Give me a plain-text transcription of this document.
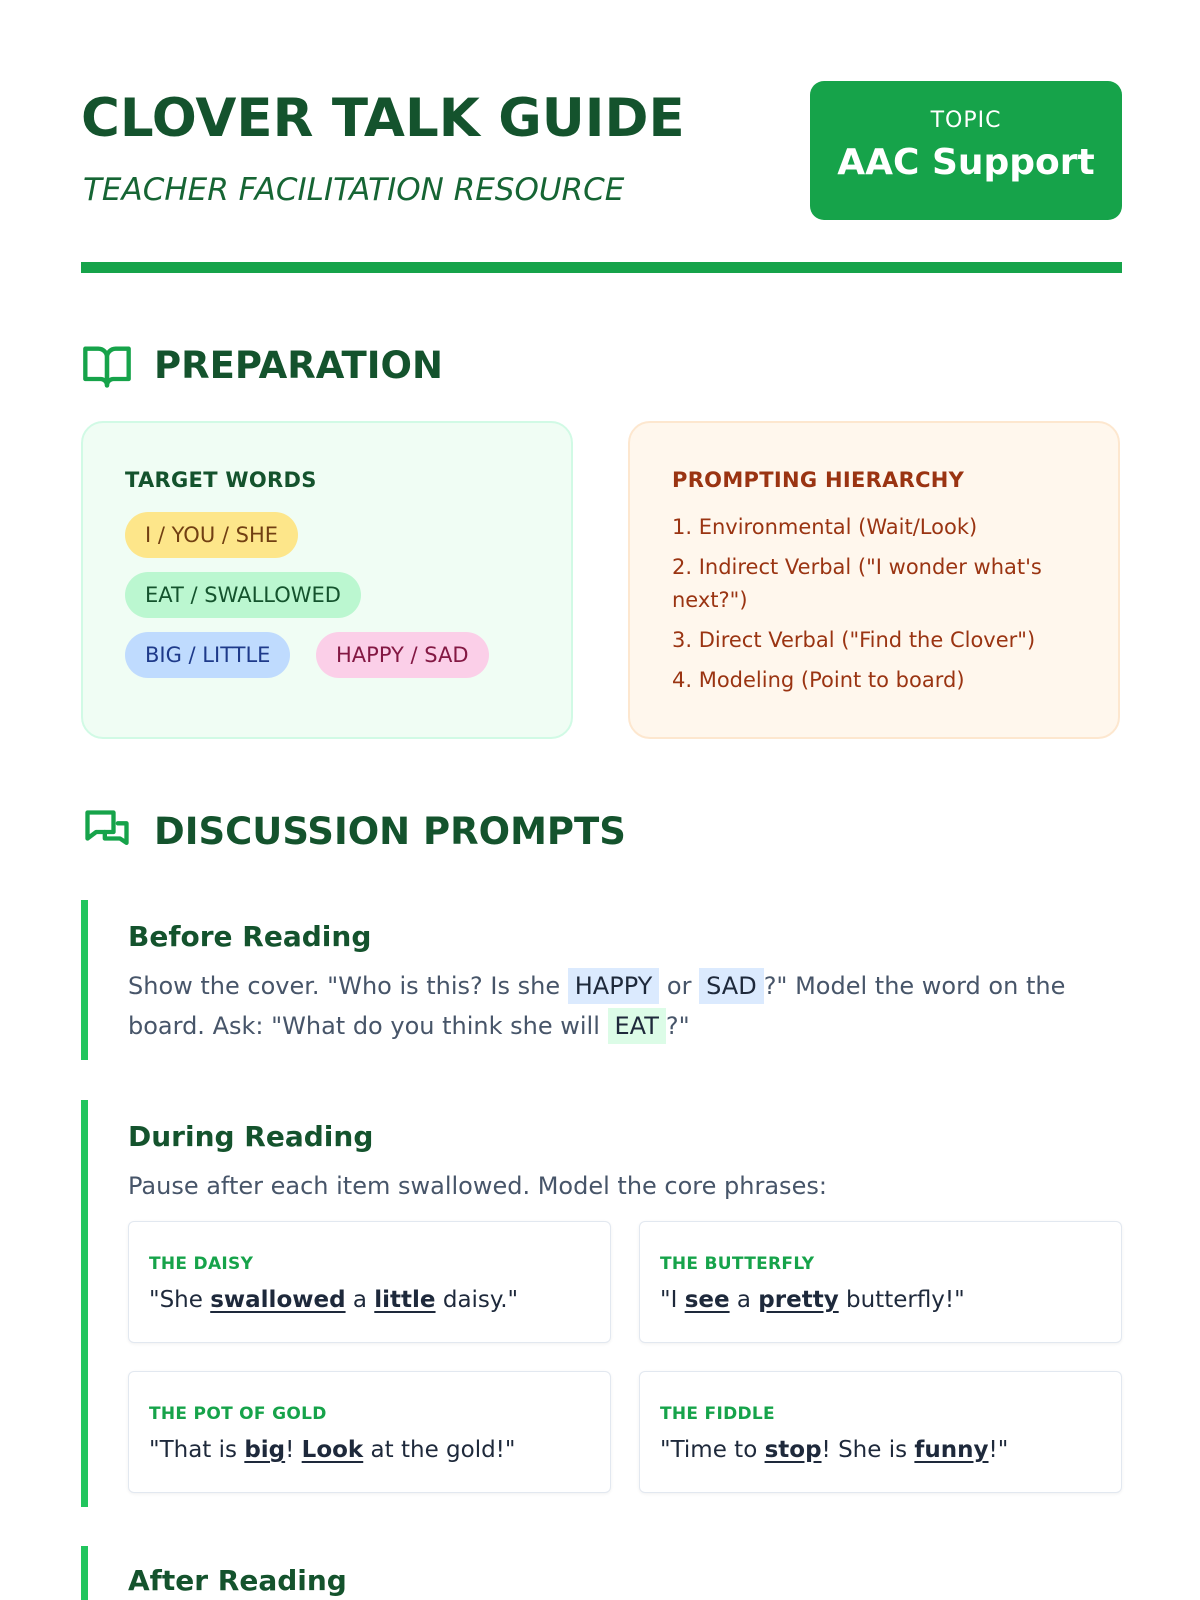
CLOVER TALK GUIDE
TEACHER FACILITATION RESOURCE
TOPIC
AAC Support
PREPARATION
TARGET WORDS
I / YOU / SHE
EAT / SWALLOWED
BIG / LITTLE	HAPPY / SAD
PROMPTING HIERARCHY
1. Environmental (Wait/Look)
2. Indirect Verbal ("I wonder what's next?")
3. Direct Verbal ("Find the Clover")
4. Modeling (Point to board)
DISCUSSION PROMPTS
Before Reading
Show the cover. "Who is this? Is she HAPPY or SAD ?" Model the word on the board. Ask: "What do you think she will EAT ?"
During Reading
Pause after each item swallowed. Model the core phrases:
THE DAISY
"She swallowed a little daisy."
THE BUTTERFLY
"I see a pretty butterfly!"
THE POT OF GOLD
"That is big! Look at the gold!"
THE FIDDLE
"Time to stop! She is funny!"
After Reading
